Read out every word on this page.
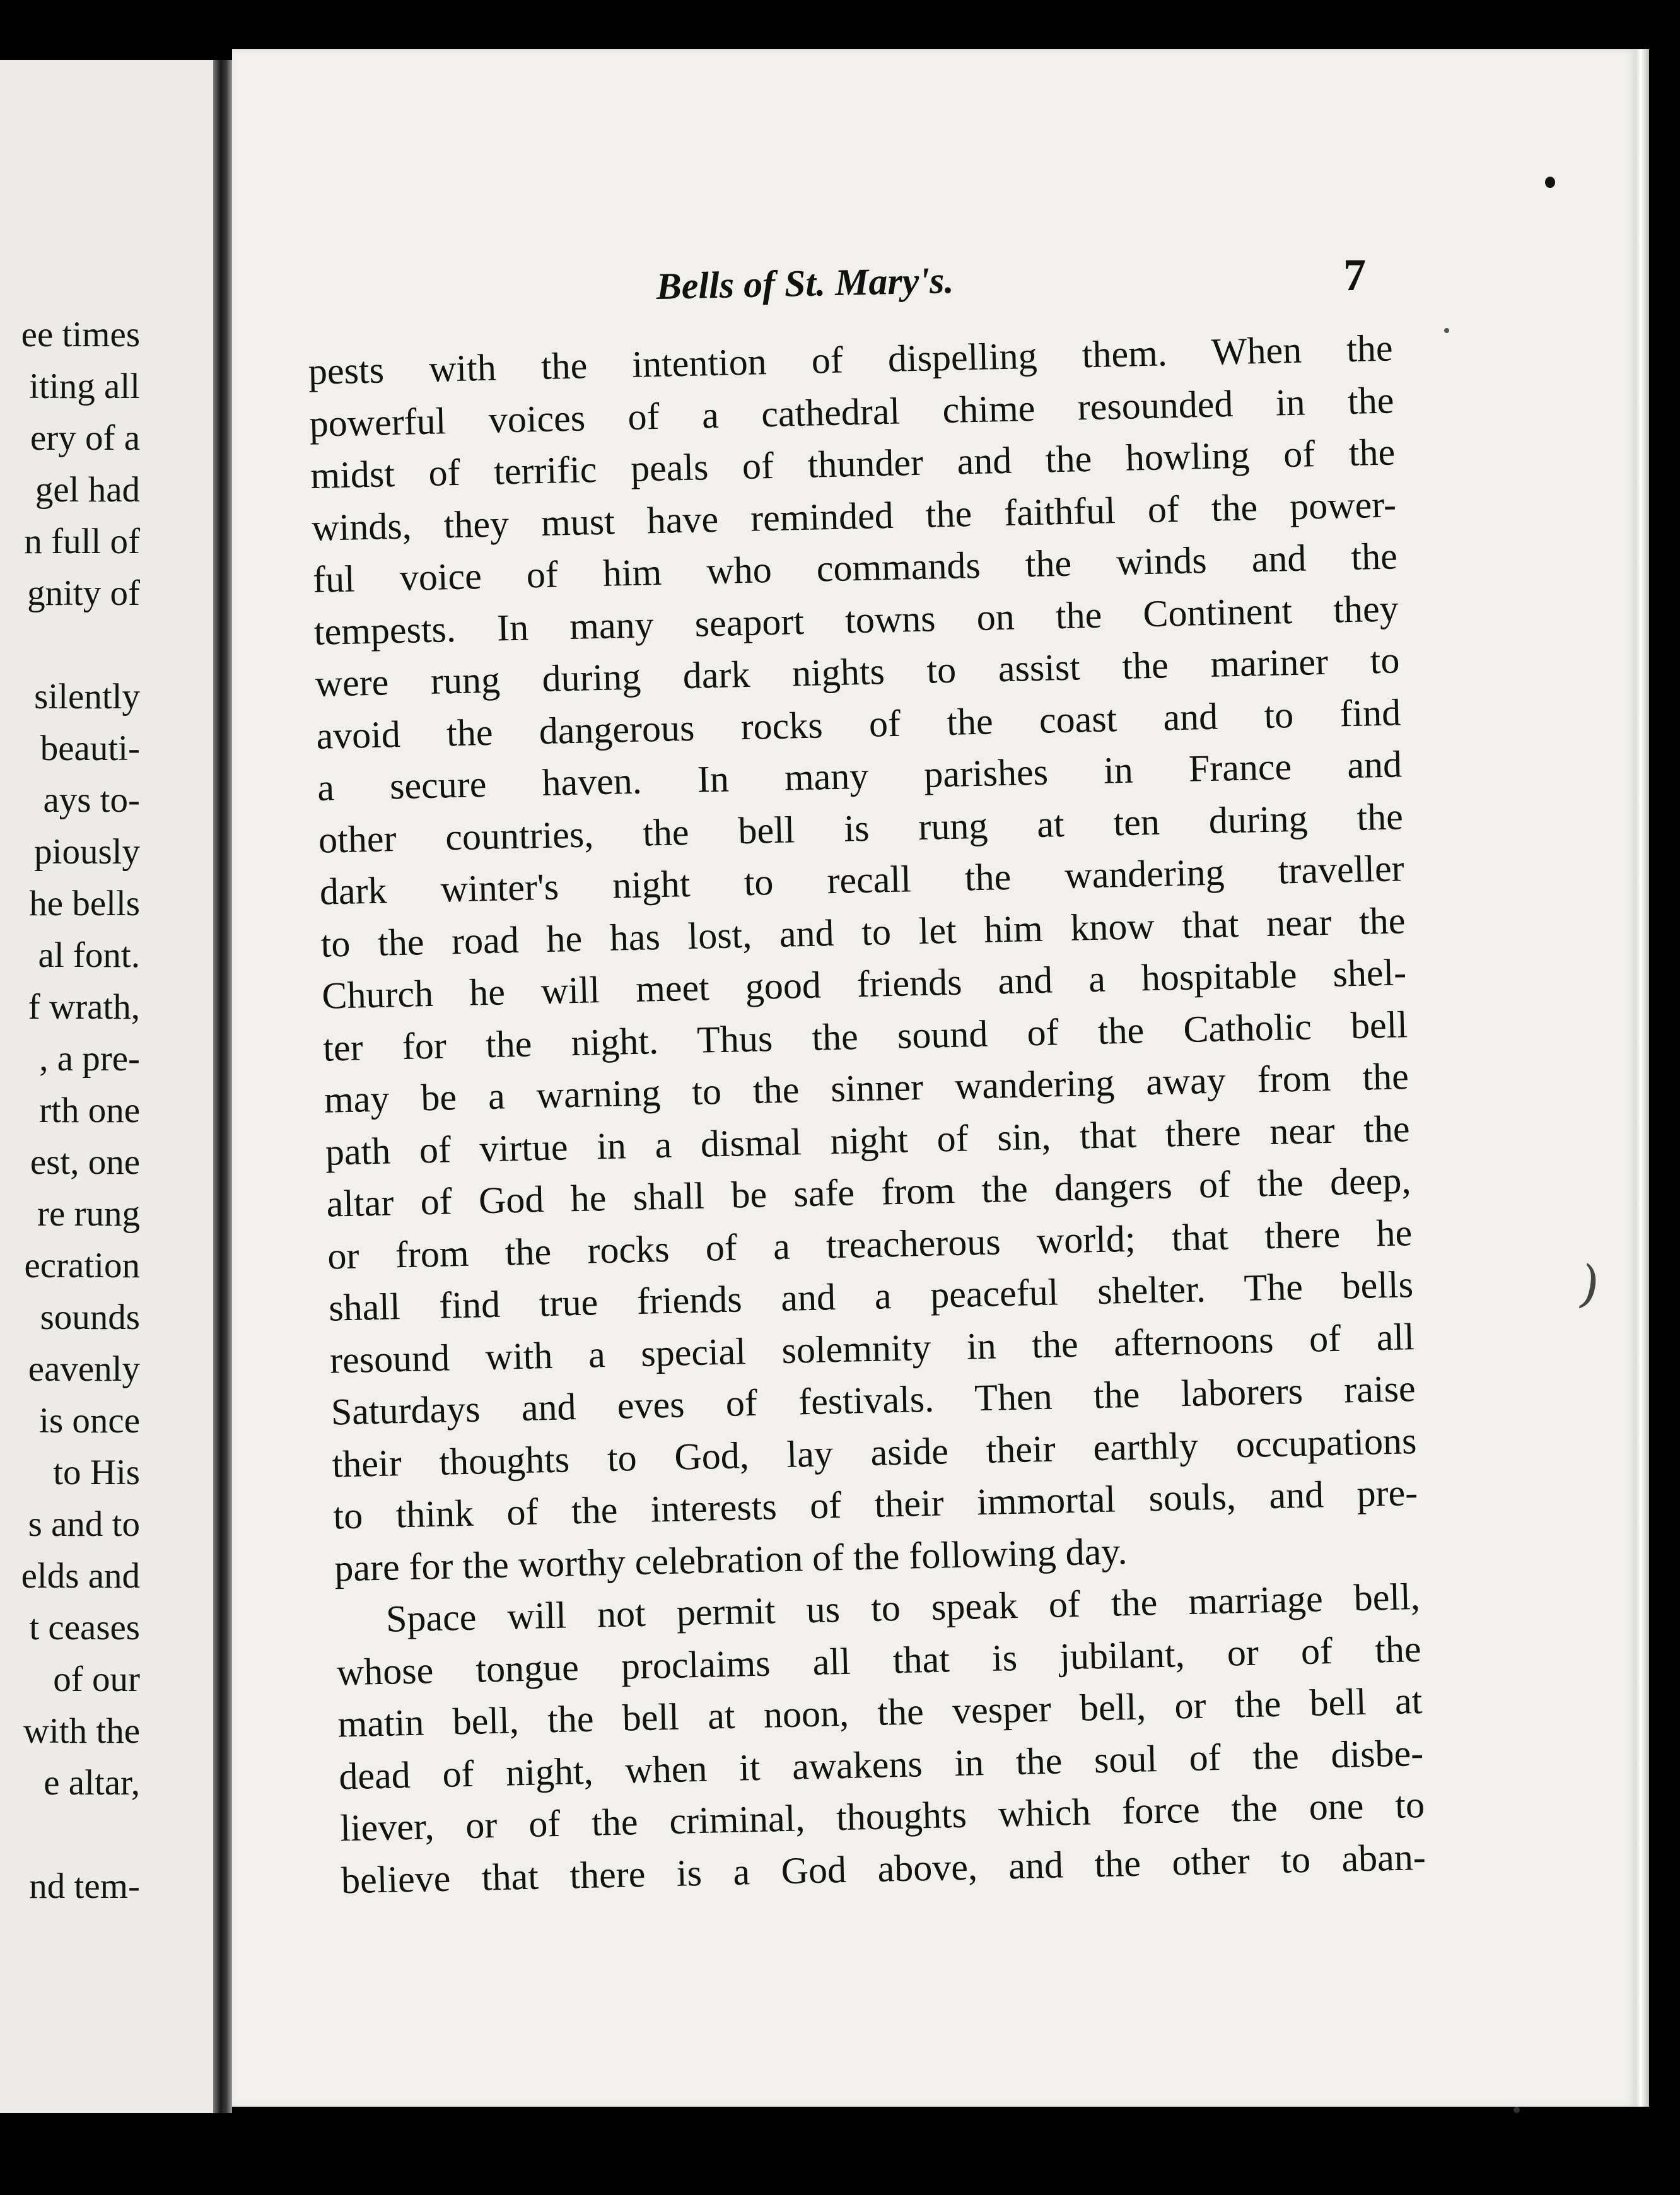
ee times
iting all
ery of a
gel had
n full of
gnity of
silently
beauti-
ays to-
piously
he bells
al font.
f wrath,
, a pre-
rth one
est, one
re rung
ecration
sounds
eavenly
is once
to His
s and to
elds and
t ceases
of our
with the
e altar,
nd tem-
Bells of St. Mary's.	7
pests with the intention of dispelling them. When the
powerful voices of a cathedral chime resounded in the
midst of terrific peals of thunder and the howling of the
winds, they must have reminded the faithful of the power-
ful voice of him who commands the winds and the
tempests. In many seaport towns on the Continent they
were rung during dark nights to assist the mariner to
avoid the dangerous rocks of the coast and to find
a secure haven. In many parishes in France and
other countries, the bell is rung at ten during the
dark winter's night to recall the wandering traveller
to the road he has lost, and to let him know that near the
Church he will meet good friends and a hospitable shel-
ter for the night. Thus the sound of the Catholic bell
may be a warning to the sinner wandering away from the
path of virtue in a dismal night of sin, that there near the
altar of God he shall be safe from the dangers of the deep,
or from the rocks of a treacherous world; that there he
shall find true friends and a peaceful shelter. The bells
resound with a special solemnity in the afternoons of all
Saturdays and eves of festivals. Then the laborers raise
their thoughts to God, lay aside their earthly occupations
to think of the interests of their immortal souls, and pre-
pare for the worthy celebration of the following day.
Space will not permit us to speak of the marriage bell,
whose tongue proclaims all that is jubilant, or of the
matin bell, the bell at noon, the vesper bell, or the bell at
dead of night, when it awakens in the soul of the disbe-
liever, or of the criminal, thoughts which force the one to
believe that there is a God above, and the other to aban-
)
